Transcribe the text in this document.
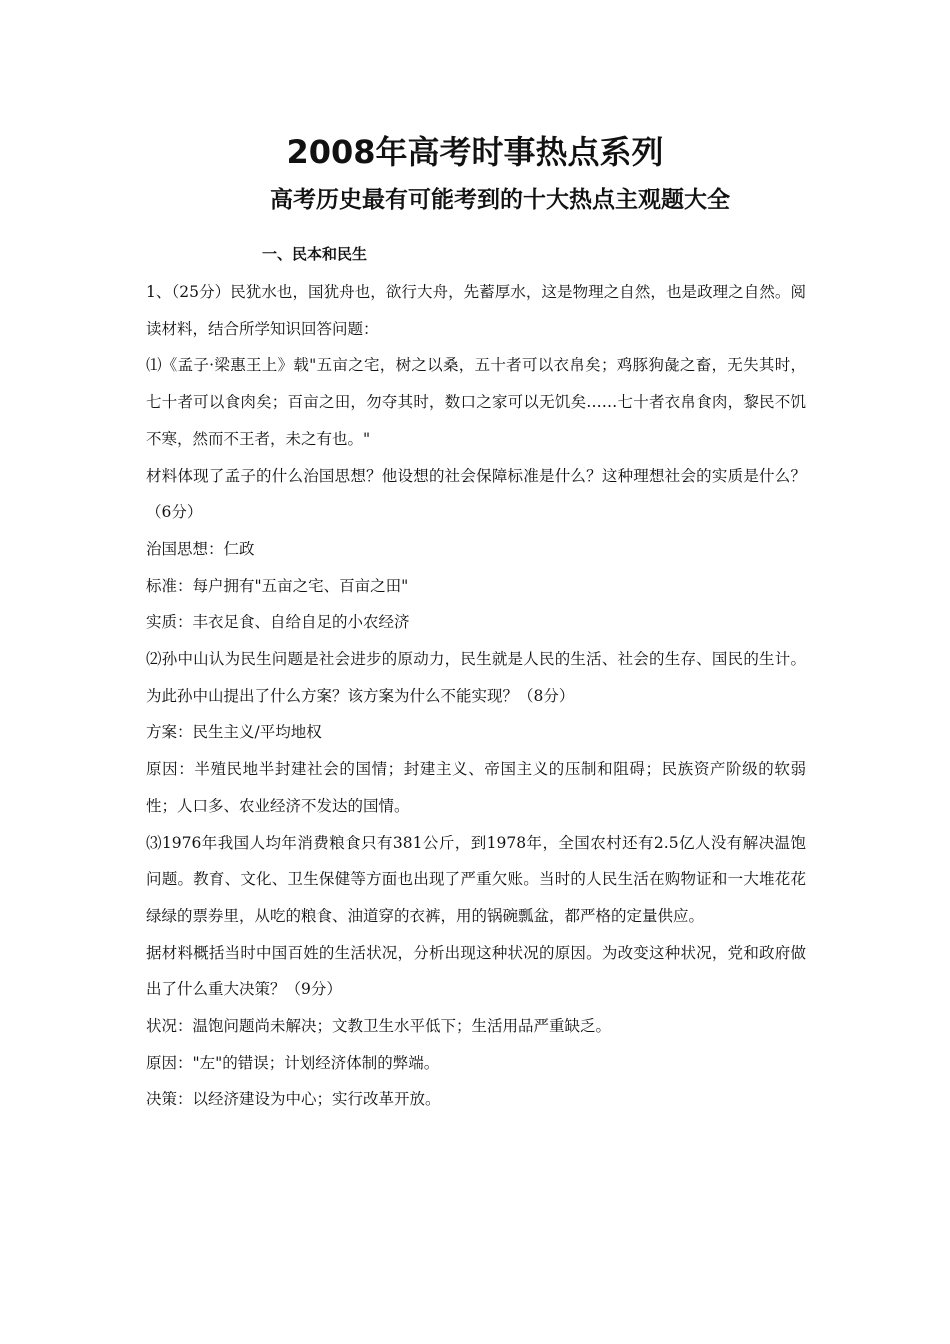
2008年高考时事热点系列
高考历史最有可能考到的十大热点主观题大全
一、民本和民生

1、（25分）民犹水也，国犹舟也，欲行大舟，先蓄厚水，这是物理之自然，也是政理之自然。阅读材料，结合所学知识回答问题：

⑴《孟子·梁惠王上》载"五亩之宅，树之以桑，五十者可以衣帛矣；鸡豚狗彘之畜，无失其时，七十者可以食肉矣；百亩之田，勿夺其时，数口之家可以无饥矣……七十者衣帛食肉，黎民不饥不寒，然而不王者，未之有也。"

材料体现了孟子的什么治国思想？他设想的社会保障标准是什么？这种理想社会的实质是什么？（6分）

治国思想：仁政

标准：每户拥有"五亩之宅、百亩之田"

实质：丰衣足食、自给自足的小农经济

⑵孙中山认为民生问题是社会进步的原动力，民生就是人民的生活、社会的生存、国民的生计。为此孙中山提出了什么方案？该方案为什么不能实现？（8分）

方案：民生主义/平均地权

原因：半殖民地半封建社会的国情；封建主义、帝国主义的压制和阻碍；民族资产阶级的软弱性；人口多、农业经济不发达的国情。

⑶1976年我国人均年消费粮食只有381公斤，到1978年，全国农村还有2.5亿人没有解决温饱问题。教育、文化、卫生保健等方面也出现了严重欠账。当时的人民生活在购物证和一大堆花花绿绿的票券里，从吃的粮食、油道穿的衣裤，用的锅碗瓢盆，都严格的定量供应。

据材料概括当时中国百姓的生活状况，分析出现这种状况的原因。为改变这种状况，党和政府做出了什么重大决策？（9分）

状况：温饱问题尚未解决；文教卫生水平低下；生活用品严重缺乏。

原因："左"的错误；计划经济体制的弊端。

决策：以经济建设为中心；实行改革开放。
